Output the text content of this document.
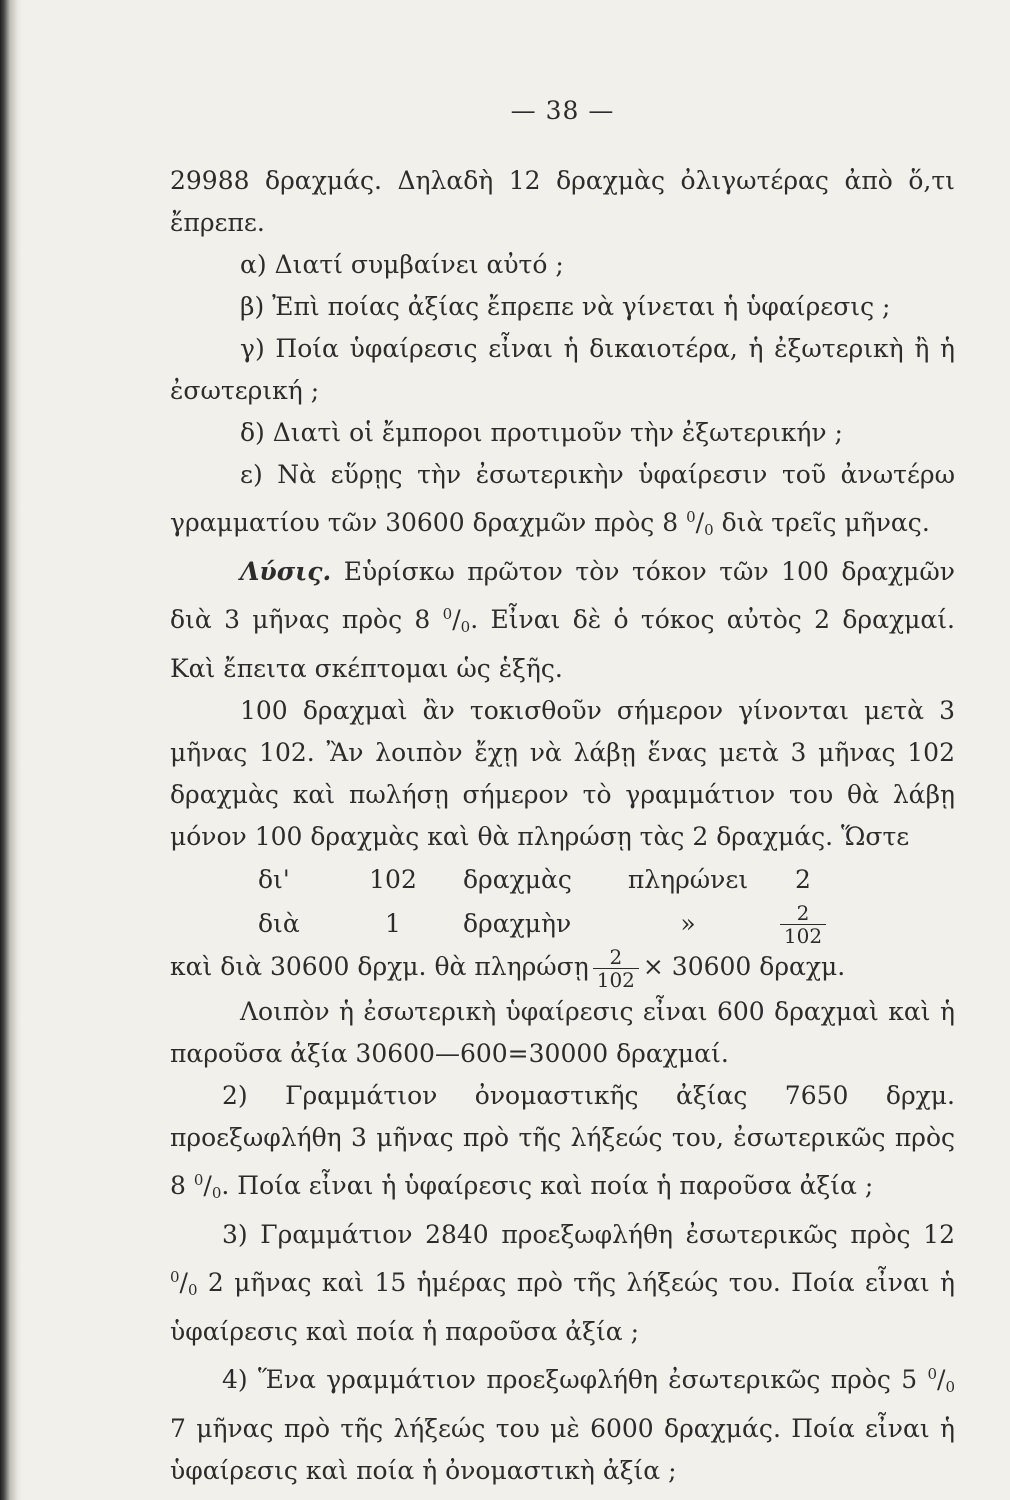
— 38 —

29988 δραχμάς. Δηλαδὴ 12 δραχμὰς ὀλιγωτέρας ἀπὸ ὅ,τι ἔπρεπε.

α) Διατί συμβαίνει αὐτό ;

β) Ἐπὶ ποίας ἀξίας ἔπρεπε νὰ γίνεται ἡ ὑφαίρεσις ;

γ) Ποία ὑφαίρεσις εἶναι ἡ δικαιοτέρα, ἡ ἐξωτερικὴ ἢ ἡ ἐσωτερική ;

δ) Διατὶ οἱ ἔμποροι προτιμοῦν τὴν ἐξωτερικήν ;

ε) Νὰ εὕρῃς τὴν ἐσωτερικὴν ὑφαίρεσιν τοῦ ἀνωτέρω γραμματίου τῶν 30600 δραχμῶν πρὸς 8 $^0/_0$ διὰ τρεῖς μῆνας.

Λύσις. Εὑρίσκω πρῶτον τὸν τόκον τῶν 100 δραχμῶν διὰ 3 μῆνας πρὸς 8 $^0/_0$. Εἶναι δὲ ὁ τόκος αὐτὸς 2 δραχμαί. Καὶ ἔπειτα σκέπτομαι ὡς ἑξῆς.

100 δραχμαὶ ἂν τοκισθοῦν σήμερον γίνονται μετὰ 3 μῆνας 102. Ἂν λοιπὸν ἔχῃ νὰ λάβῃ ἕνας μετὰ 3 μῆνας 102 δραχμὰς καὶ πωλήσῃ σήμερον τὸ γραμμάτιον του θὰ λάβῃ μόνον 100 δραχμὰς καὶ θὰ πληρώσῃ τὰς 2 δραχμάς. Ὥστε

δι'	102	δραχμὰς	πληρώνει	2
διὰ	1	δραχμὴν	»	$\frac{2}{102}$

καὶ διὰ 30600 δρχμ. θὰ πληρώσῃ $\frac{2}{102} \times 30600$ δραχμ.

Λοιπὸν ἡ ἐσωτερικὴ ὑφαίρεσις εἶναι 600 δραχμαὶ καὶ ἡ παροῦσα ἀξία 30600—600=30000 δραχμαί.

2) Γραμμάτιον ὀνομαστικῆς ἀξίας 7650 δρχμ. προεξωφλήθη 3 μῆνας πρὸ τῆς λήξεώς του, ἐσωτερικῶς πρὸς 8 $^0/_0$. Ποία εἶναι ἡ ὑφαίρεσις καὶ ποία ἡ παροῦσα ἀξία ;

3) Γραμμάτιον 2840 προεξωφλήθη ἐσωτερικῶς πρὸς 12 $^0/_0$ 2 μῆνας καὶ 15 ἡμέρας πρὸ τῆς λήξεώς του. Ποία εἶναι ἡ ὑφαίρεσις καὶ ποία ἡ παροῦσα ἀξία ;

4) Ἕνα γραμμάτιον προεξωφλήθη ἐσωτερικῶς πρὸς 5 $^0/_0$ 7 μῆνας πρὸ τῆς λήξεώς του μὲ 6000 δραχμάς. Ποία εἶναι ἡ ὑφαίρεσις καὶ ποία ἡ ὀνομαστικὴ ἀξία ;
